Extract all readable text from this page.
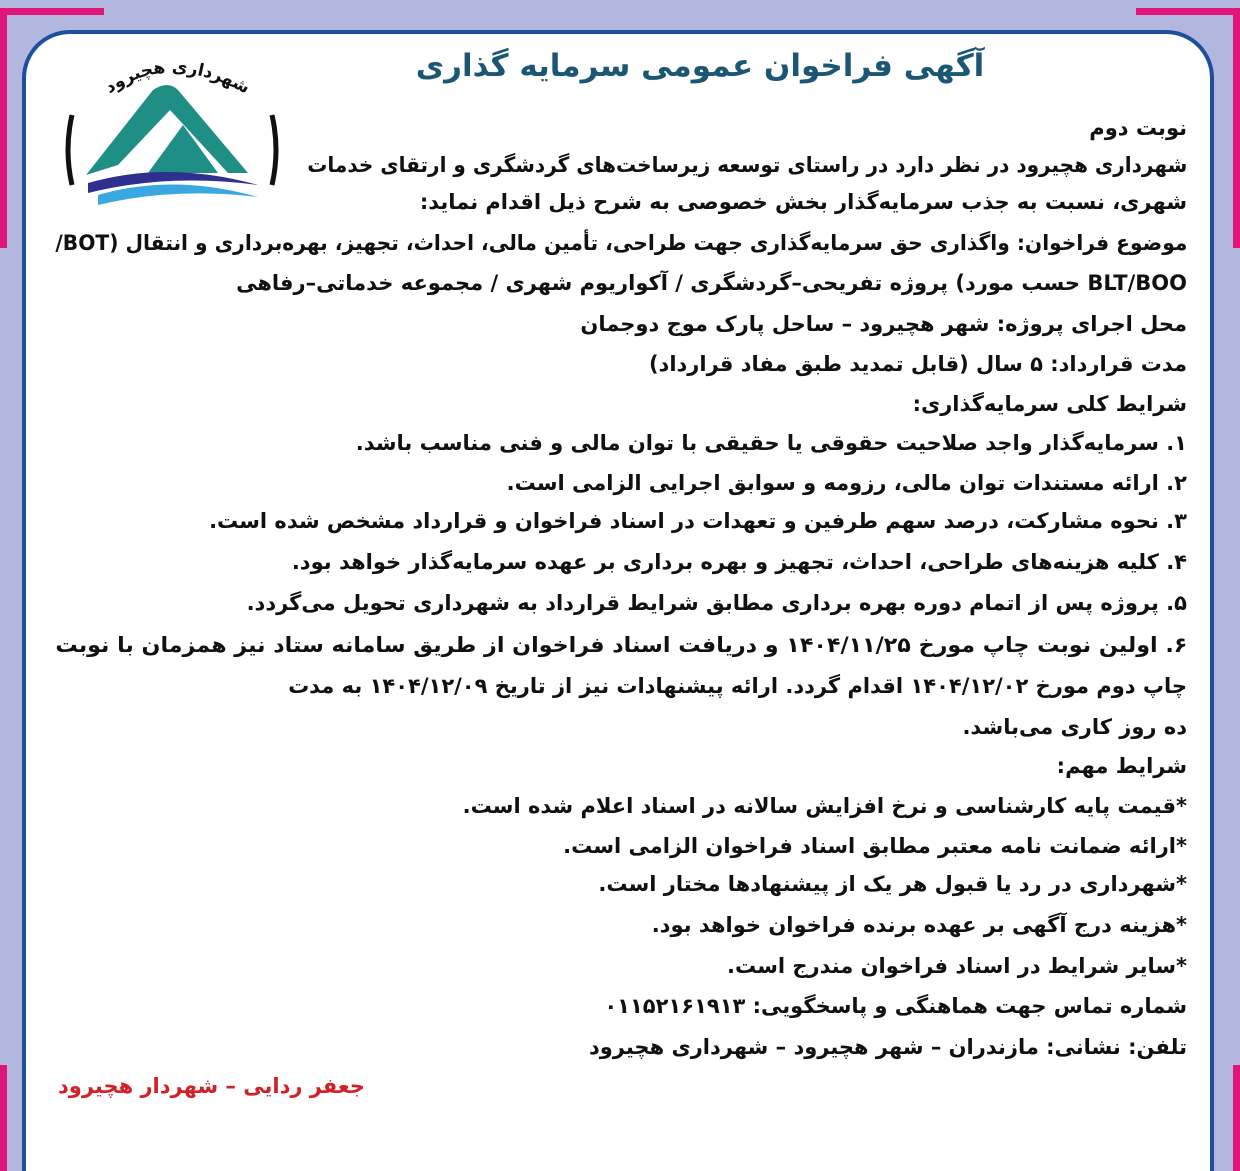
شهرداری هچیرود
آگهی فراخوان عمومی سرمایه گذاری
نوبت دوم
شهرداری هچیرود در نظر دارد در راستای توسعه زیرساخت‌های گردشگری و ارتقای خدمات
شهری، نسبت به جذب سرمایه‌گذار بخش خصوصی به شرح ذیل اقدام نماید:
موضوع فراخوان: واگذاری حق سرمایه‌گذاری جهت طراحی، تأمین مالی، احداث، تجهیز، بهره‌برداری و انتقال (BOT/
BLT/BOO حسب مورد) پروژه تفریحی–گردشگری / آکواریوم شهری / مجموعه خدماتی–رفاهی
محل اجرای پروژه: شهر هچیرود – ساحل پارک موج دوجمان
مدت قرارداد: ۵ سال (قابل تمدید طبق مفاد قرارداد)
شرایط کلی سرمایه‌گذاری:
۱. سرمایه‌گذار واجد صلاحیت حقوقی یا حقیقی با توان مالی و فنی مناسب باشد.
۲. ارائه مستندات توان مالی، رزومه و سوابق اجرایی الزامی است.
۳. نحوه مشارکت، درصد سهم طرفین و تعهدات در اسناد فراخوان و قرارداد مشخص شده است.
۴. کلیه هزینه‌های طراحی، احداث، تجهیز و بهره برداری بر عهده سرمایه‌گذار خواهد بود.
۵. پروژه پس از اتمام دوره بهره برداری مطابق شرایط قرارداد به شهرداری تحویل می‌گردد.
۶. اولین نوبت چاپ مورخ ۱۴۰۴/۱۱/۲۵ و دریافت اسناد فراخوان از طریق سامانه ستاد نیز همزمان با نوبت
چاپ دوم مورخ ۱۴۰۴/۱۲/۰۲ اقدام گردد. ارائه پیشنهادات نیز از تاریخ ۱۴۰۴/۱۲/۰۹ به مدت
ده روز کاری می‌باشد.
شرایط مهم:
*قیمت پایه کارشناسی و نرخ افزایش سالانه در اسناد اعلام شده است.
*ارائه ضمانت نامه معتبر مطابق اسناد فراخوان الزامی است.
*شهرداری در رد یا قبول هر یک از پیشنهادها مختار است.
*هزینه درج آگهی بر عهده برنده فراخوان خواهد بود.
*سایر شرایط در اسناد فراخوان مندرج است.
شماره تماس جهت هماهنگی و پاسخگویی: ۰۱۱۵۲۱۶۱۹۱۳
تلفن: نشانی: مازندران – شهر هچیرود – شهرداری هچیرود
جعفر ردایی – شهردار هچیرود
